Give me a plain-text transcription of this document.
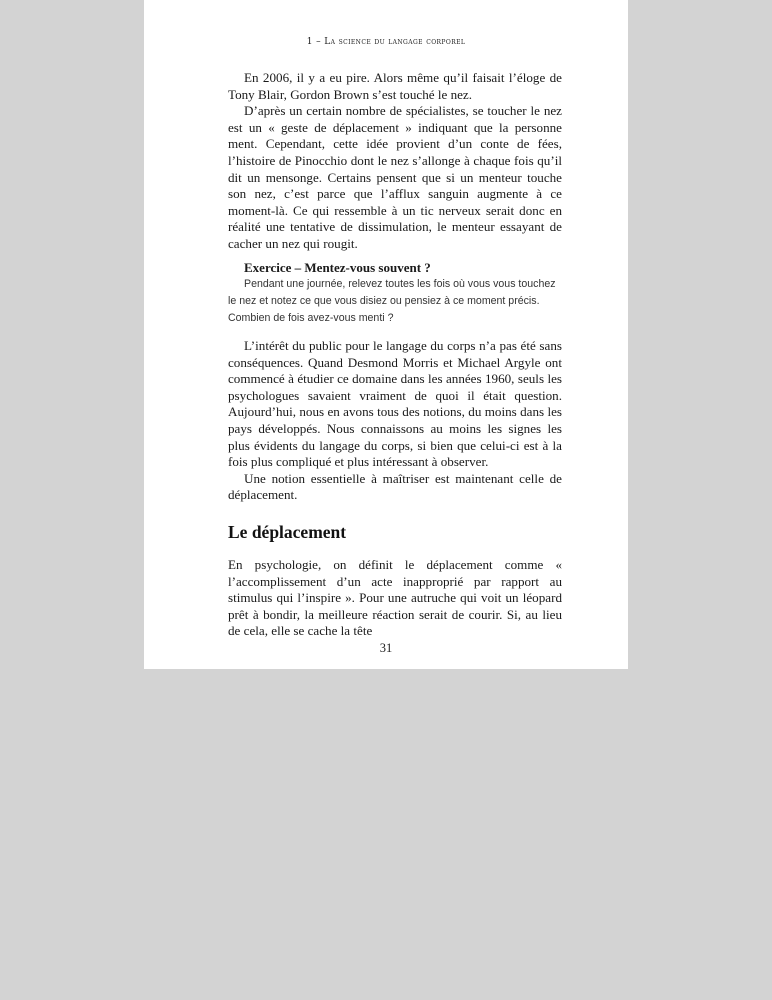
1 – La science du langage corporel

En 2006, il y a eu pire. Alors même qu’il faisait l’éloge de Tony Blair, Gordon Brown s’est touché le nez.

D’après un certain nombre de spécialistes, se toucher le nez est un « geste de déplacement » indiquant que la personne ment. Cependant, cette idée provient d’un conte de fées, l’histoire de Pinocchio dont le nez s’allonge à chaque fois qu’il dit un mensonge. Certains pensent que si un menteur touche son nez, c’est parce que l’afflux sanguin augmente à ce moment-là. Ce qui ressemble à un tic nerveux serait donc en réalité une tentative de dissimulation, le menteur essayant de cacher un nez qui rougit.

Exercice – Mentez-vous souvent ?

Pendant une journée, relevez toutes les fois où vous vous touchez le nez et notez ce que vous disiez ou pensiez à ce moment précis. Combien de fois avez-vous menti ?

L’intérêt du public pour le langage du corps n’a pas été sans conséquences. Quand Desmond Morris et Michael Argyle ont commencé à étudier ce domaine dans les années 1960, seuls les psychologues savaient vraiment de quoi il était question. Aujourd’hui, nous en avons tous des notions, du moins dans les pays développés. Nous connaissons au moins les signes les plus évidents du langage du corps, si bien que celui-ci est à la fois plus compliqué et plus intéressant à observer.

Une notion essentielle à maîtriser est maintenant celle de déplacement.

Le déplacement

En psychologie, on définit le déplacement comme « l’accomplissement d’un acte inapproprié par rapport au stimulus qui l’inspire ». Pour une autruche qui voit un léopard prêt à bondir, la meilleure réaction serait de courir. Si, au lieu de cela, elle se cache la tête

31
